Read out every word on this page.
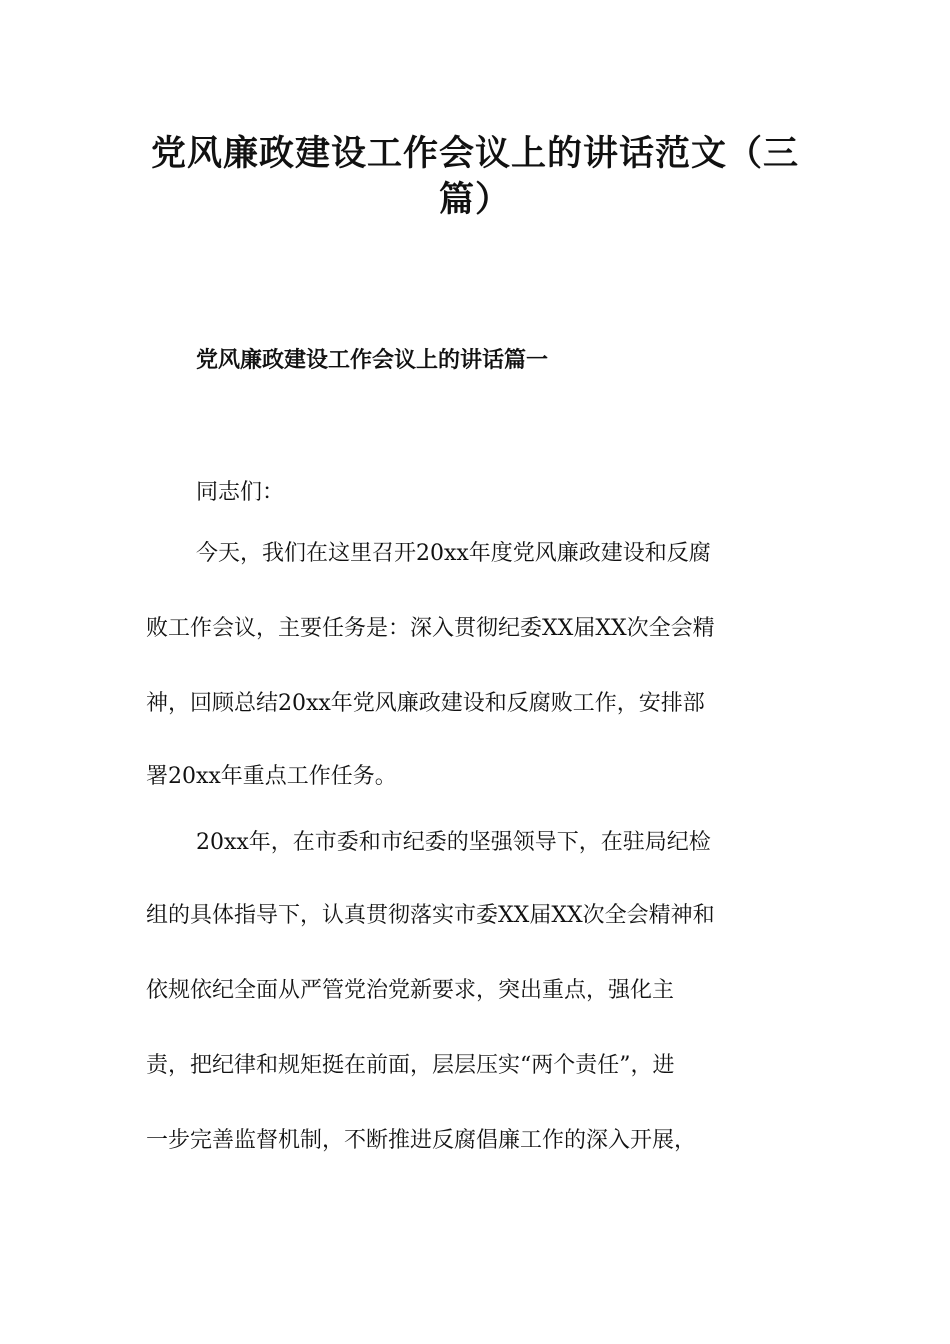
党风廉政建设工作会议上的讲话范文（三
篇）
党风廉政建设工作会议上的讲话篇一

同志们：

今天，我们在这里召开20xx年度党风廉政建设和反腐

败工作会议，主要任务是：深入贯彻纪委XX届XX次全会精

神，回顾总结20xx年党风廉政建设和反腐败工作，安排部

署20xx年重点工作任务。

20xx年，在市委和市纪委的坚强领导下，在驻局纪检

组的具体指导下，认真贯彻落实市委XX届XX次全会精神和

依规依纪全面从严管党治党新要求，突出重点，强化主

责，把纪律和规矩挺在前面，层层压实“两个责任”，进

一步完善监督机制，不断推进反腐倡廉工作的深入开展，
